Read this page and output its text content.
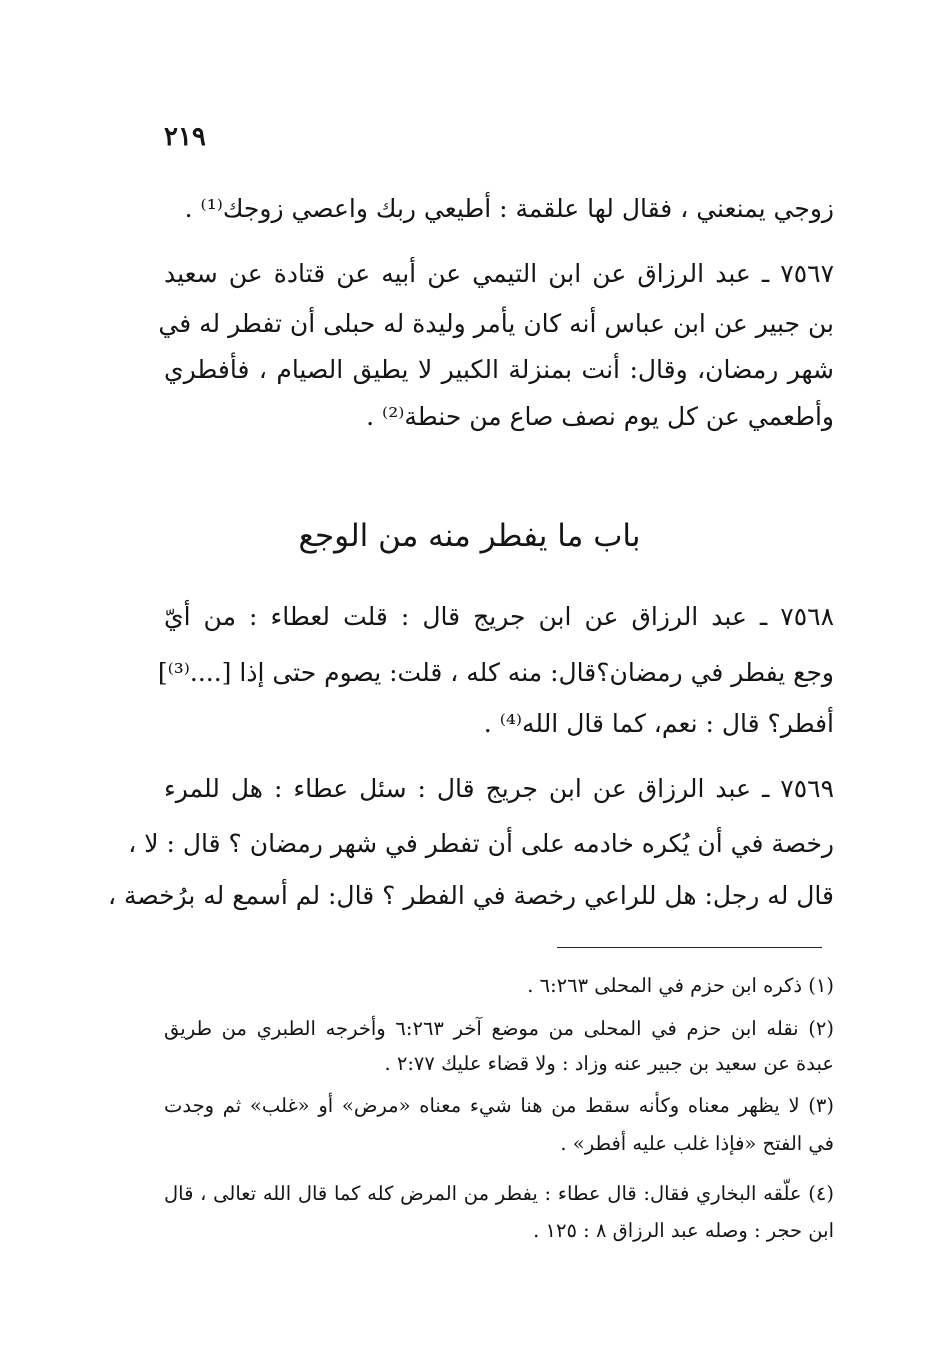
٢١٩
زوجي يمنعني ، فقال لها علقمة : أطيعي ربك واعصي زوجك⁽¹⁾ .
٧٥٦٧ ـ عبد الرزاق عن ابن التيمي عن أبيه عن قتادة عن سعيد
بن جبير عن ابن عباس أنه كان يأمر وليدة له حبلى أن تفطر له في
شهر رمضان، وقال: أنت بمنزلة الكبير لا يطيق الصيام ، فأفطري
وأطعمي عن كل يوم نصف صاع من حنطة⁽²⁾ .
باب ما يفطر منه من الوجع
٧٥٦٨ ـ عبد الرزاق عن ابن جريج قال : قلت لعطاء : من أيّ
وجع يفطر في رمضان؟قال: منه كله ، قلت: يصوم حتى إذا [....⁽³⁾]
أفطر؟ قال : نعم، كما قال الله⁽⁴⁾ .
٧٥٦٩ ـ عبد الرزاق عن ابن جريج قال : سئل عطاء : هل للمرء
رخصة في أن يُكره خادمه على أن تفطر في شهر رمضان ؟ قال : لا ،
قال له رجل: هل للراعي رخصة في الفطر ؟ قال: لم أسمع له برُخصة ،
(١) ذكره ابن حزم في المحلى ٦:٢٦٣ .
(٢) نقله ابن حزم في المحلى من موضع آخر ٦:٢٦٣ وأخرجه الطبري من طريق
عبدة عن سعيد بن جبير عنه وزاد : ولا قضاء عليك ٢:٧٧ .
(٣) لا يظهر معناه وكأنه سقط من هنا شيء معناه «مرض» أو «غلب» ثم وجدت
في الفتح «فإذا غلب عليه أفطر» .
(٤) علّقه البخاري فقال: قال عطاء : يفطر من المرض كله كما قال الله تعالى ، قال
ابن حجر : وصله عبد الرزاق ٨ : ١٢٥ .
